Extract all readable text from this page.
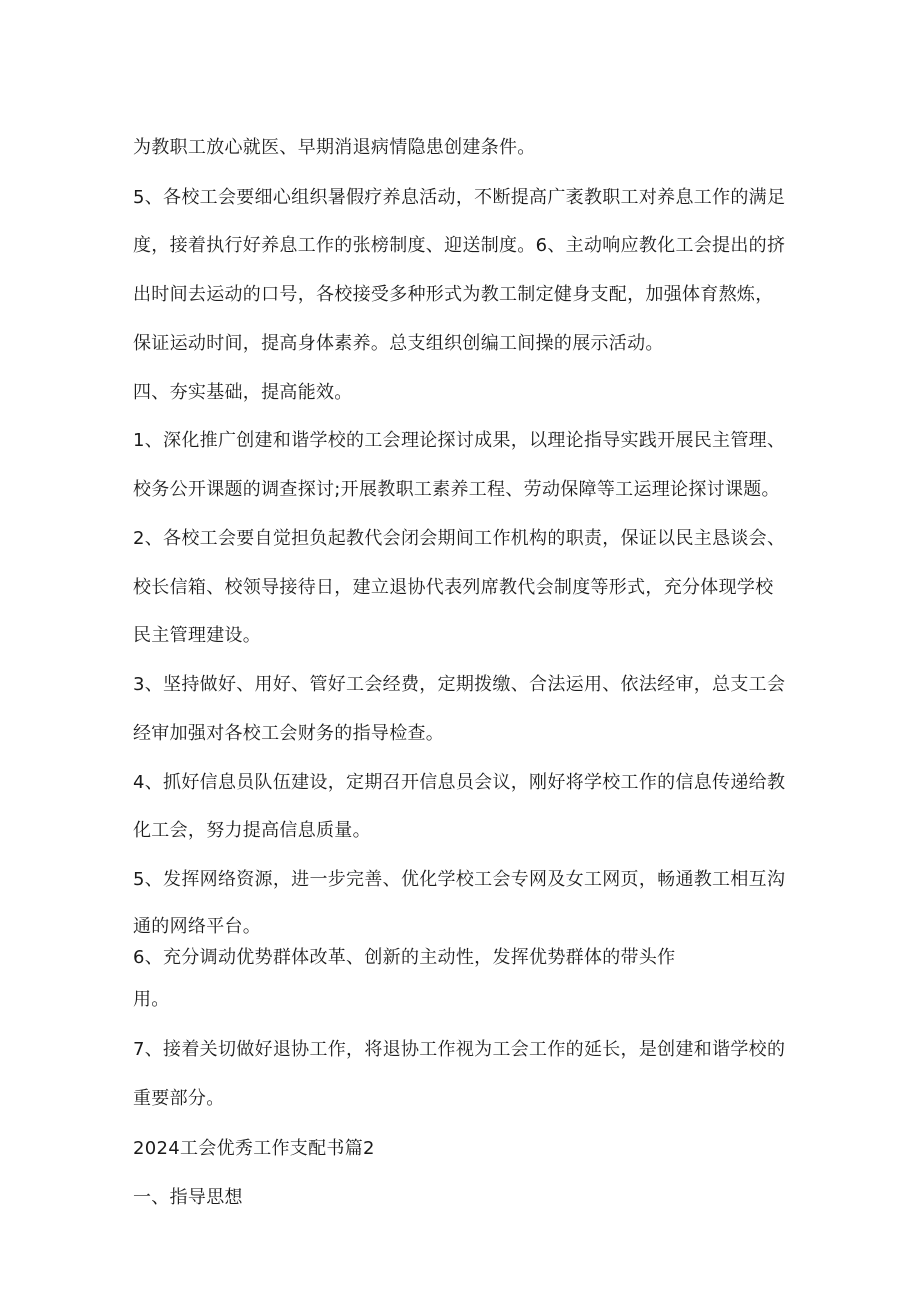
为教职工放心就医、早期消退病情隐患创建条件。

5、各校工会要细心组织暑假疗养息活动，不断提高广袤教职工对养息工作的满足

度，接着执行好养息工作的张榜制度、迎送制度。6、主动响应教化工会提出的挤

出时间去运动的口号，各校接受多种形式为教工制定健身支配，加强体育熬炼，

保证运动时间，提高身体素养。总支组织创编工间操的展示活动。

四、夯实基础，提高能效。

1、深化推广创建和谐学校的工会理论探讨成果，以理论指导实践开展民主管理、

校务公开课题的调查探讨;开展教职工素养工程、劳动保障等工运理论探讨课题。

2、各校工会要自觉担负起教代会闭会期间工作机构的职责，保证以民主恳谈会、

校长信箱、校领导接待日，建立退协代表列席教代会制度等形式，充分体现学校

民主管理建设。

3、坚持做好、用好、管好工会经费，定期拨缴、合法运用、依法经审，总支工会

经审加强对各校工会财务的指导检查。

4、抓好信息员队伍建设，定期召开信息员会议，刚好将学校工作的信息传递给教

化工会，努力提高信息质量。

5、发挥网络资源，进一步完善、优化学校工会专网及女工网页，畅通教工相互沟

通的网络平台。

6、充分调动优势群体改革、创新的主动性，发挥优势群体的带头作

用。

7、接着关切做好退协工作，将退协工作视为工会工作的延长，是创建和谐学校的

重要部分。

2024工会优秀工作支配书篇2

一、指导思想
